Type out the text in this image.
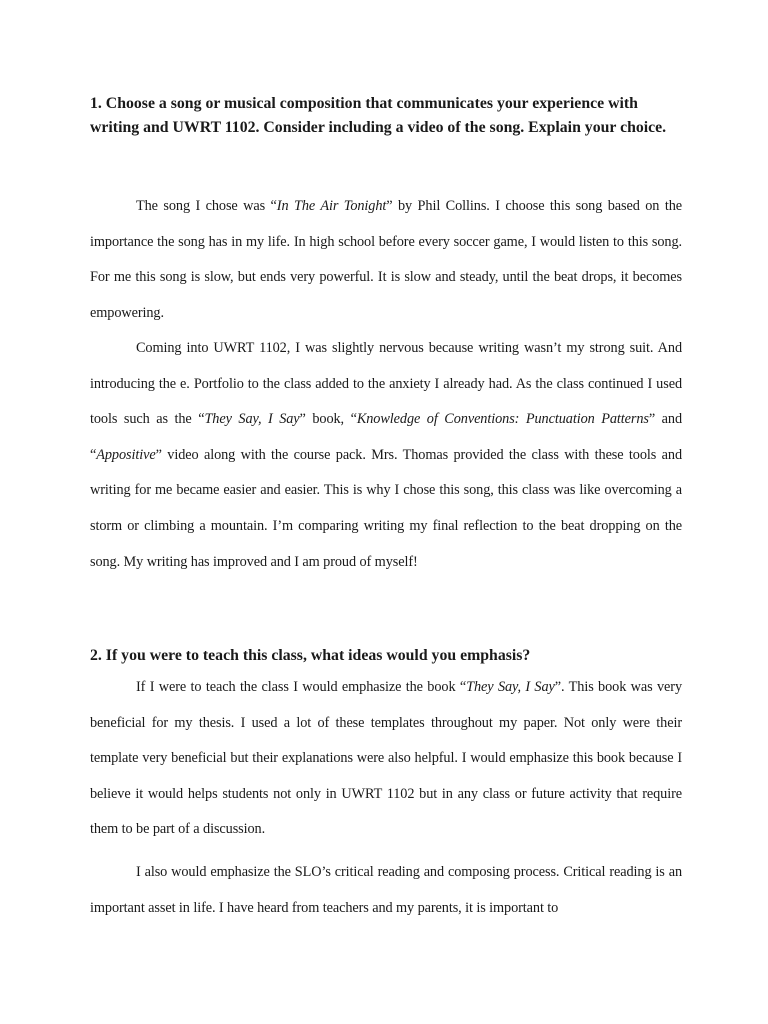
1. Choose a song or musical composition that communicates your experience with writing and UWRT 1102. Consider including a video of the song. Explain your choice.

The song I chose was “In The Air Tonight” by Phil Collins. I choose this song based on the importance the song has in my life. In high school before every soccer game, I would listen to this song. For me this song is slow, but ends very powerful. It is slow and steady, until the beat drops, it becomes empowering.

Coming into UWRT 1102, I was slightly nervous because writing wasn’t my strong suit. And introducing the e. Portfolio to the class added to the anxiety I already had. As the class continued I used tools such as the “They Say, I Say” book, “Knowledge of Conventions: Punctuation Patterns” and “Appositive” video along with the course pack. Mrs. Thomas provided the class with these tools and writing for me became easier and easier. This is why I chose this song, this class was like overcoming a storm or climbing a mountain. I’m comparing writing my final reflection to the beat dropping on the song. My writing has improved and I am proud of myself!

2. If you were to teach this class, what ideas would you emphasis?

If I were to teach the class I would emphasize the book “They Say, I Say”. This book was very beneficial for my thesis. I used a lot of these templates throughout my paper. Not only were their template very beneficial but their explanations were also helpful. I would emphasize this book because I believe it would helps students not only in UWRT 1102 but in any class or future activity that require them to be part of a discussion.

I also would emphasize the SLO’s critical reading and composing process. Critical reading is an important asset in life. I have heard from teachers and my parents, it is important to
